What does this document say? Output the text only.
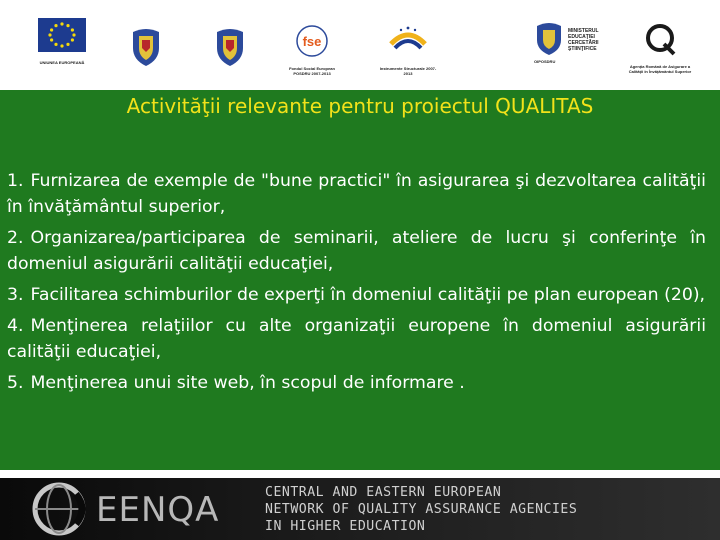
UNIUNEA EUROPEANĂ
fse
Fondul Social European POSDRU 2007-2013
Instrumente Structurale 2007-2013
MINISTERUL EDUCAŢIEI CERCETĂRII ŞTIINŢIFICE
OIPOSDRU
Agenţia Română de Asigurare a Calităţii în Învăţământul Superior
Activităţii relevante pentru proiectul QUALITAS

1. Furnizarea de exemple de "bune practici" în asigurarea şi dezvoltarea calităţii în învăţământul superior,

2. Organizarea/participarea de seminarii, ateliere de lucru şi conferinţe în domeniul asigurării calităţii educaţiei,

3. Facilitarea schimburilor de experţi în domeniul calităţii pe plan european (20),

4. Menţinerea relaţiilor cu alte organizaţii europene în domeniul asigurării calităţii educaţiei,

5. Menţinerea unui site web, în scopul de informare .

EENQA	CENTRAL AND EASTERN EUROPEAN
NETWORK OF QUALITY ASSURANCE AGENCIES
IN HIGHER EDUCATION
